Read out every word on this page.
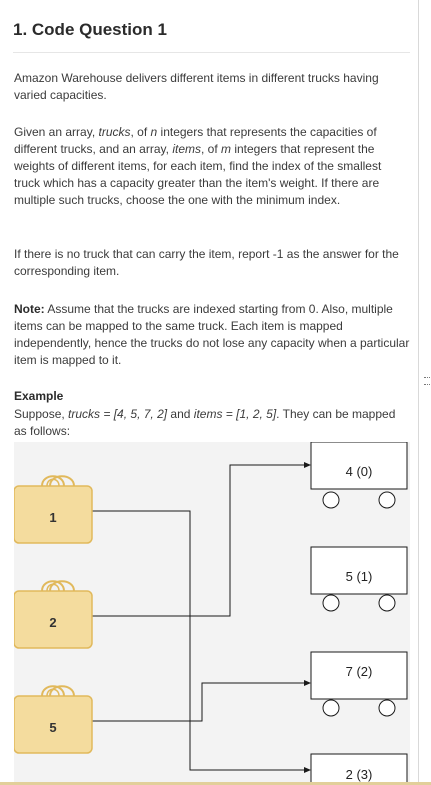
1. Code Question 1

Amazon Warehouse delivers different items in different trucks having varied capacities.

Given an array, trucks, of n integers that represents the capacities of different trucks, and an array, items, of m integers that represent the weights of different items, for each item, find the index of the smallest truck which has a capacity greater than the item's weight. If there are multiple such trucks, choose the one with the minimum index.

If there is no truck that can carry the item, report -1 as the answer for the corresponding item.

Note: Assume that the trucks are indexed starting from 0. Also, multiple items can be mapped to the same truck. Each item is mapped independently, hence the trucks do not lose any capacity when a particular item is mapped to it.

Example

Suppose, trucks = [4, 5, 7, 2] and items = [1, 2, 5]. They can be mapped as follows:

1
2
5
4 (0)
5 (1)
7 (2)
2 (3)
